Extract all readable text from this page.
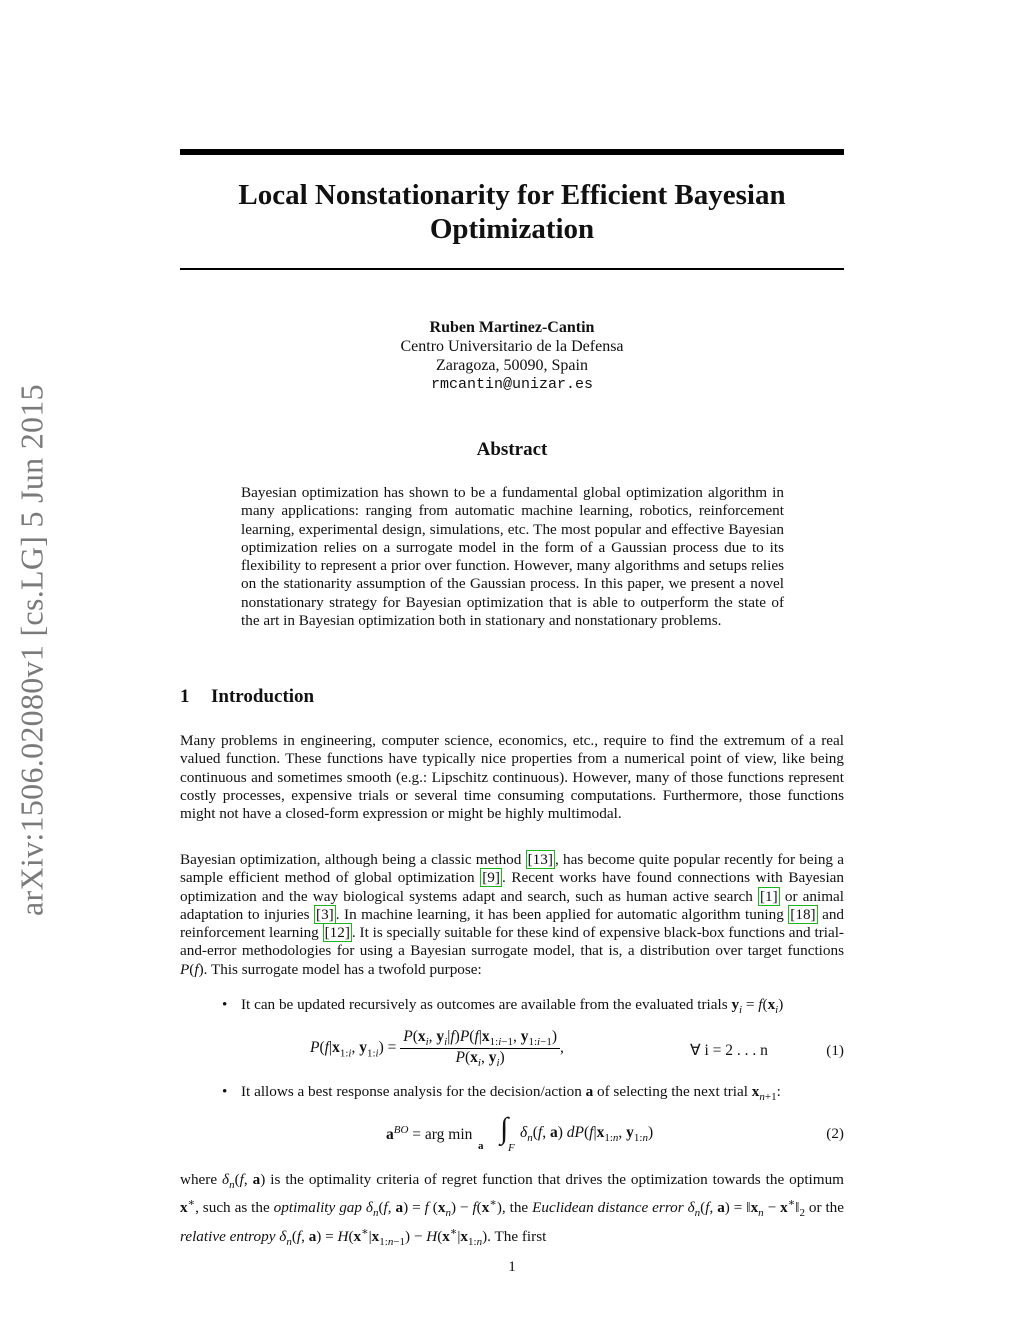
arXiv:1506.02080v1 [cs.LG] 5 Jun 2015
Local Nonstationarity for Efficient Bayesian
Optimization
Ruben Martinez-Cantin
Centro Universitario de la Defensa
Zaragoza, 50090, Spain
rmcantin@unizar.es
Abstract
Bayesian optimization has shown to be a fundamental global optimization algorithm in many applications: ranging from automatic machine learning, robotics, reinforcement learning, experimental design, simulations, etc. The most popular and effective Bayesian optimization relies on a surrogate model in the form of a Gaussian process due to its flexibility to represent a prior over function. However, many algorithms and setups relies on the stationarity assumption of the Gaussian process. In this paper, we present a novel nonstationary strategy for Bayesian optimization that is able to outperform the state of the art in Bayesian optimization both in stationary and nonstationary problems.
1 Introduction
Many problems in engineering, computer science, economics, etc., require to find the extremum of a real valued function. These functions have typically nice properties from a numerical point of view, like being continuous and sometimes smooth (e.g.: Lipschitz continuous). However, many of those functions represent costly processes, expensive trials or several time consuming computations. Furthermore, those functions might not have a closed-form expression or might be highly multimodal.
Bayesian optimization, although being a classic method [13] , has become quite popular recently for being a sample efficient method of global optimization [9] . Recent works have found connections with Bayesian optimization and the way biological systems adapt and search, such as human active search [1] or animal adaptation to injuries [3] . In machine learning, it has been applied for automatic algorithm tuning [18] and reinforcement learning [12] . It is specially suitable for these kind of expensive black-box functions and trial-and-error methodologies for using a Bayesian surrogate model, that is, a distribution over target functions P(f). This surrogate model has a twofold purpose:
• It can be updated recursively as outcomes are available from the evaluated trials $y_i = f(x_i)$
$P(f|x_{1:i}$, $y_{1:i}) = \frac{P(x_i, y_i|f)P(f|x_{1:i-1}, y_{1:i-1})}{P(x_i, y_i)}$ ,	∀ i = 2 . . . n	(1)
• It allows a best response analysis for the decision/action a of selecting the next trial $x_{n+1}$:
$a^{BO}$ = arg min
a
∫
F
$\delta_n(f$, a) $dP(f|x_{1:n}$, $y_{1:n}$)	(2)
where $\delta_n(f$, a) is the optimality criteria of regret function that drives the optimization towards the optimum x∗, such as the optimality gap $\delta_n(f$, a) = f $(x_n) - f(x^∗)$, the Euclidean distance error $\delta_n(f$, $a) = ‖x_n$ − $x^∗‖_2$ or the relative entropy $\delta_n(f$, $a) = H(x^∗|x_{1:n-1}) - H(x^∗|x_{1:n})$. The first
1
